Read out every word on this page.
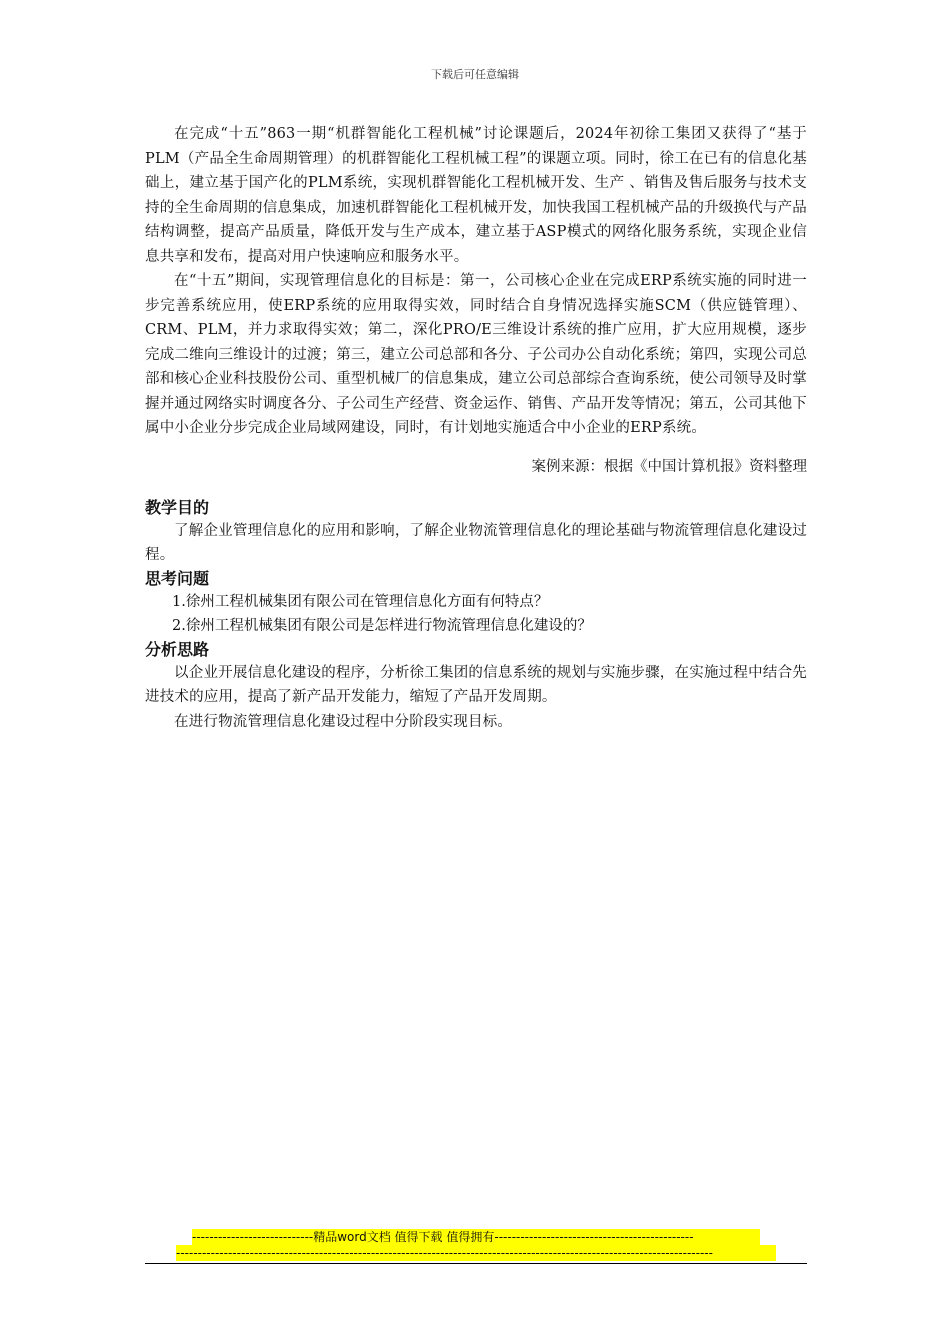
下载后可任意编辑

在完成“十五”863一期“机群智能化工程机械”讨论课题后，2024年初徐工集团又获得了“基于PLM（产品全生命周期管理）的机群智能化工程机械工程”的课题立项。同时，徐工在已有的信息化基础上，建立基于国产化的PLM系统，实现机群智能化工程机械开发、生产 、销售及售后服务与技术支持的全生命周期的信息集成，加速机群智能化工程机械开发，加快我国工程机械产品的升级换代与产品结构调整，提高产品质量，降低开发与生产成本，建立基于ASP模式的网络化服务系统，实现企业信息共享和发布，提高对用户快速响应和服务水平。

在“十五”期间，实现管理信息化的目标是：第一，公司核心企业在完成ERP系统实施的同时进一步完善系统应用，使ERP系统的应用取得实效，同时结合自身情况选择实施SCM（供应链管理）、CRM、PLM，并力求取得实效；第二，深化PRO/E三维设计系统的推广应用，扩大应用规模，逐步完成二维向三维设计的过渡；第三，建立公司总部和各分、子公司办公自动化系统；第四，实现公司总部和核心企业科技股份公司、重型机械厂的信息集成，建立公司总部综合查询系统，使公司领导及时掌握并通过网络实时调度各分、子公司生产经营、资金运作、销售、产品开发等情况；第五，公司其他下属中小企业分步完成企业局域网建设，同时，有计划地实施适合中小企业的ERP系统。

案例来源：根据《中国计算机报》资料整理

教学目的

了解企业管理信息化的应用和影响，了解企业物流管理信息化的理论基础与物流管理信息化建设过程。

思考问题

1.徐州工程机械集团有限公司在管理信息化方面有何特点？

2.徐州工程机械集团有限公司是怎样进行物流管理信息化建设的？

分析思路

以企业开展信息化建设的程序，分析徐工集团的信息系统的规划与实施步骤，在实施过程中结合先进技术的应用，提高了新产品开发能力，缩短了产品开发周期。

在进行物流管理信息化建设过程中分阶段实现目标。

----------------------------精品word文档 值得下载 值得拥有----------------------------------------------
----------------------------------------------------------------------------------------------------------------------------
